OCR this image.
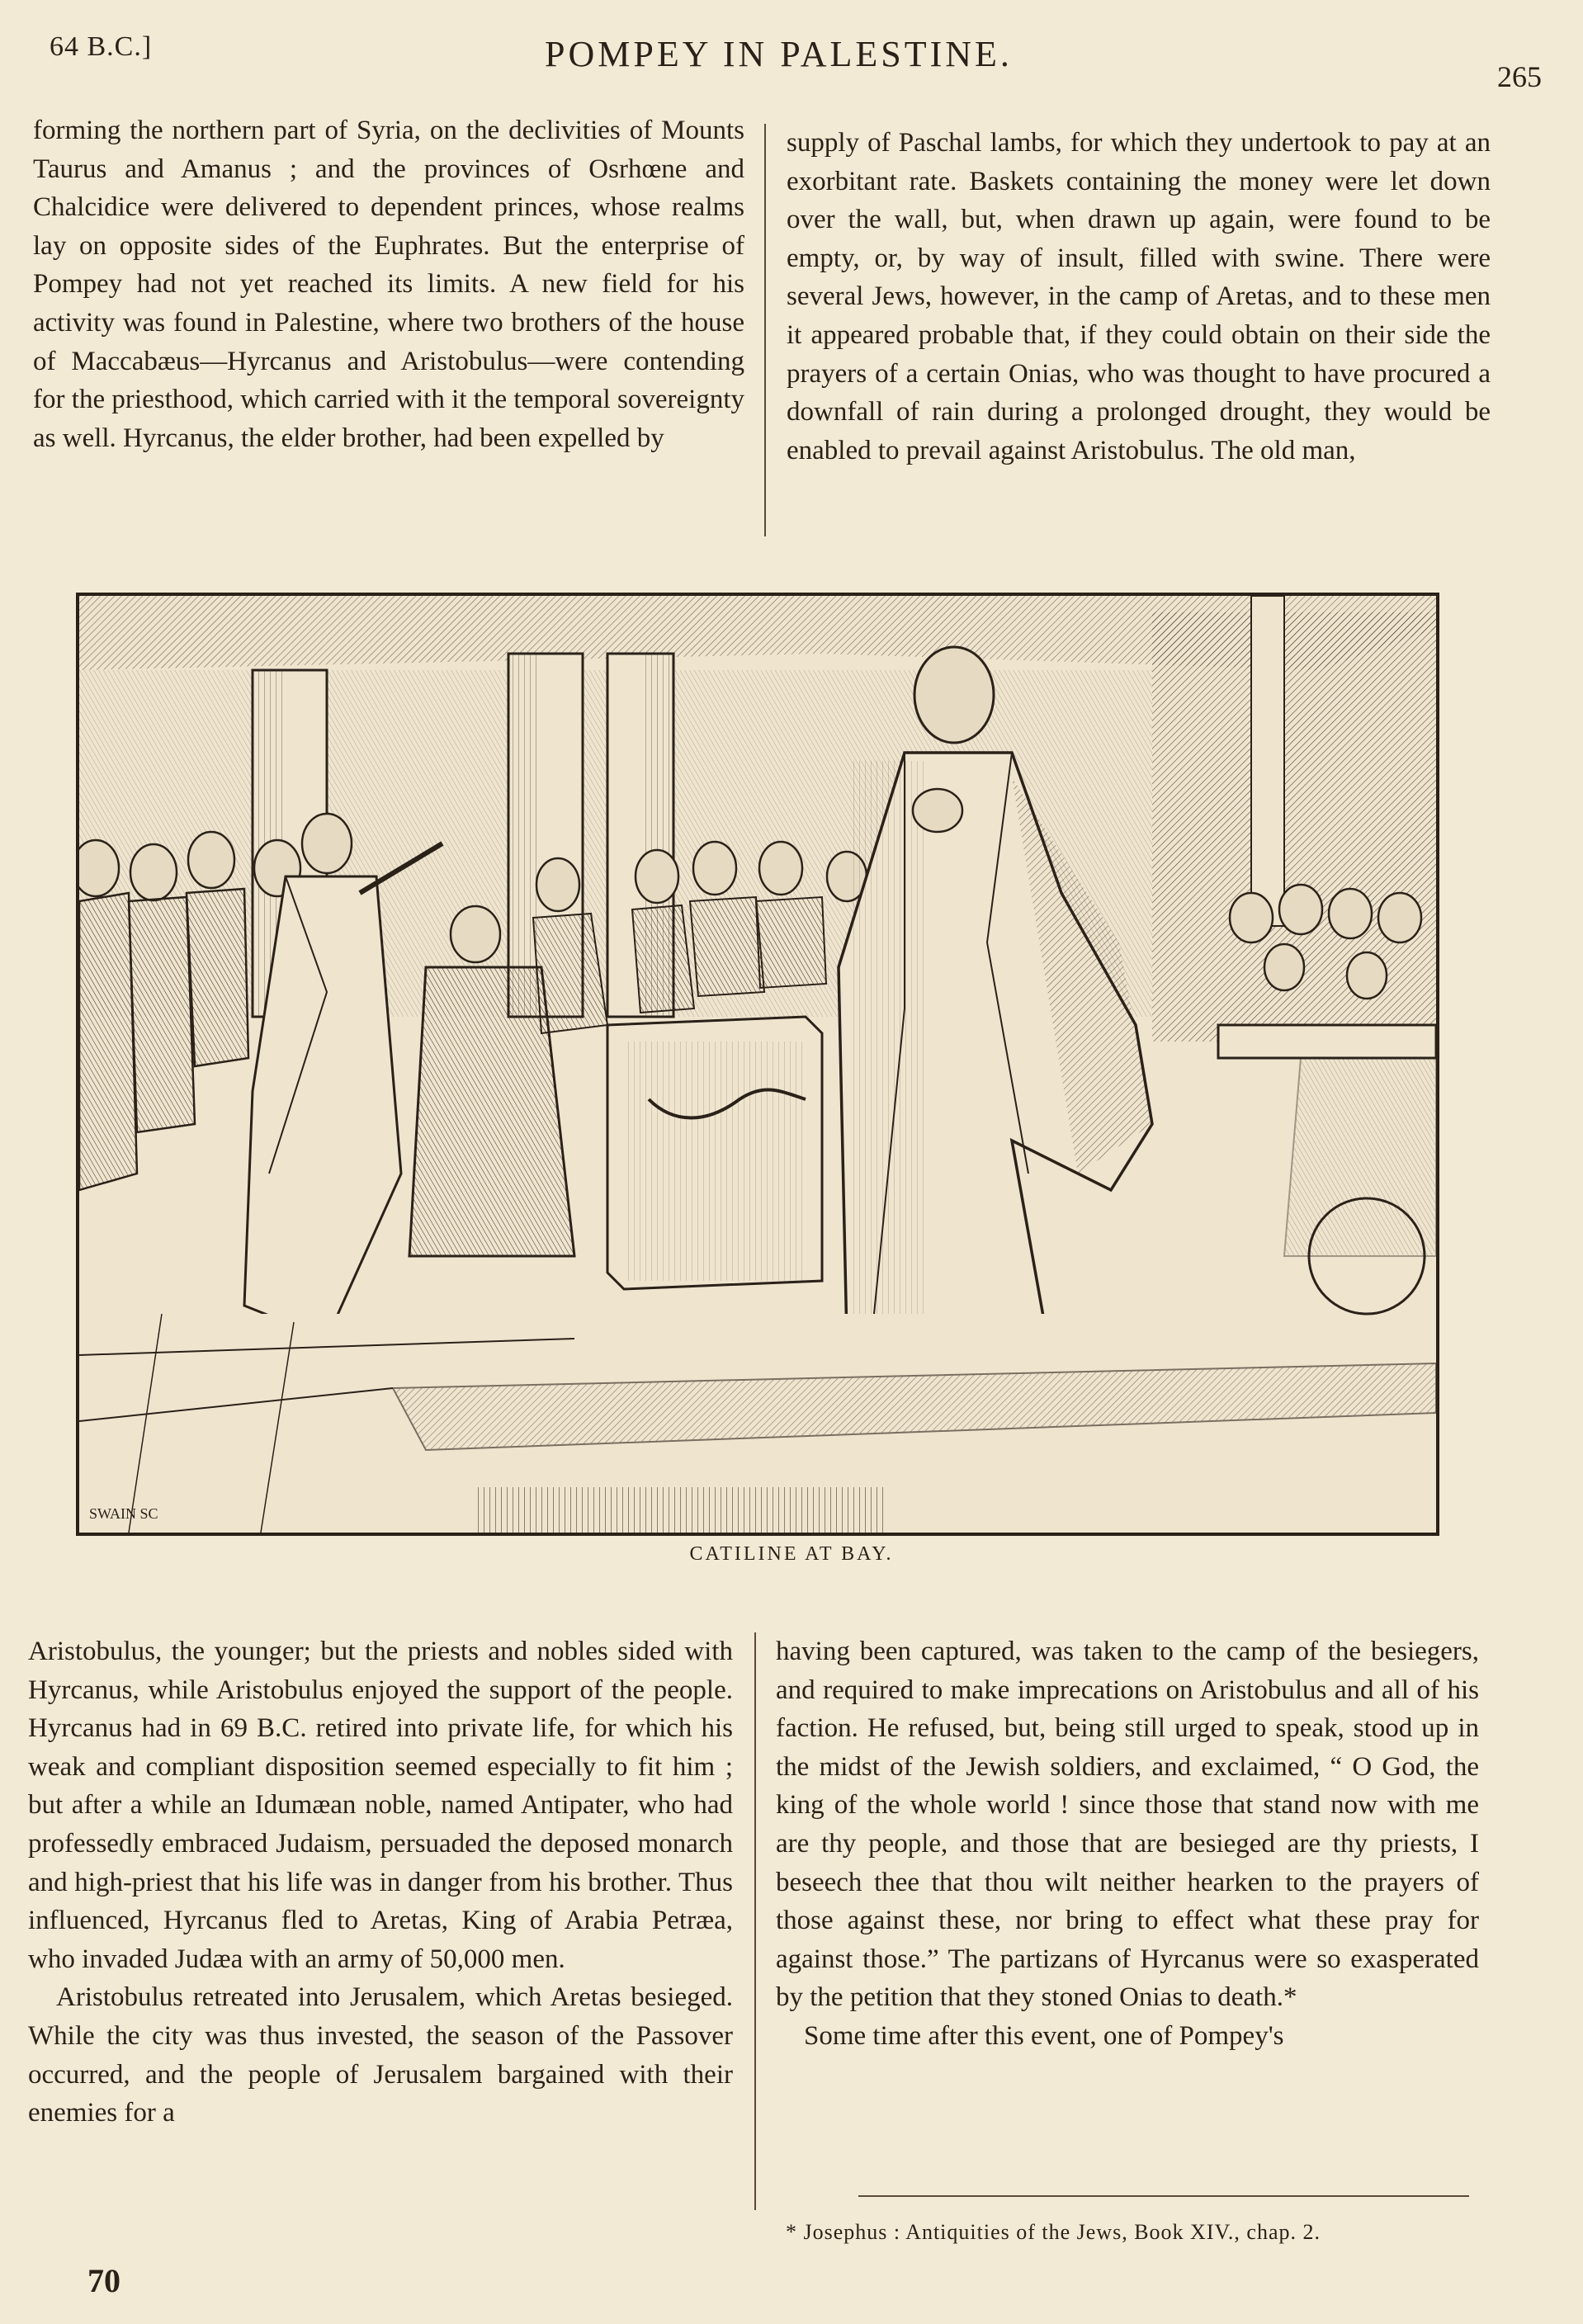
64 B.C.]	POMPEY IN PALESTINE.
265

forming the northern part of Syria, on the declivities of Mounts Taurus and Amanus ; and the provinces of Osrhœne and Chalcidice were delivered to dependent princes, whose realms lay on opposite sides of the Euphrates. But the enterprise of Pompey had not yet reached its limits. A new field for his activity was found in Palestine, where two brothers of the house of Maccabæus—Hyrcanus and Aristobulus—were contending for the priesthood, which carried with it the temporal sovereignty as well. Hyrcanus, the elder brother, had been expelled by

supply of Paschal lambs, for which they undertook to pay at an exorbitant rate. Baskets containing the money were let down over the wall, but, when drawn up again, were found to be empty, or, by way of insult, filled with swine. There were several Jews, however, in the camp of Aretas, and to these men it appeared probable that, if they could obtain on their side the prayers of a certain Onias, who was thought to have procured a downfall of rain during a prolonged drought, they would be enabled to prevail against Aristobulus. The old man,

SWAIN SC
CATILINE AT BAY.

Aristobulus, the younger; but the priests and nobles sided with Hyrcanus, while Aristobulus enjoyed the support of the people. Hyrcanus had in 69 B.C. retired into private life, for which his weak and compliant disposition seemed especially to fit him ; but after a while an Idumæan noble, named Antipater, who had professedly embraced Judaism, persuaded the deposed monarch and high-priest that his life was in danger from his brother. Thus influenced, Hyrcanus fled to Aretas, King of Arabia Petræa, who invaded Judæa with an army of 50,000 men.

Aristobulus retreated into Jerusalem, which Aretas besieged. While the city was thus invested, the season of the Passover occurred, and the people of Jerusalem bargained with their enemies for a

having been captured, was taken to the camp of the besiegers, and required to make imprecations on Aristobulus and all of his faction. He refused, but, being still urged to speak, stood up in the midst of the Jewish soldiers, and exclaimed, “ O God, the king of the whole world ! since those that stand now with me are thy people, and those that are besieged are thy priests, I beseech thee that thou wilt neither hearken to the prayers of those against these, nor bring to effect what these pray for against those.” The partizans of Hyrcanus were so exasperated by the petition that they stoned Onias to death.*

Some time after this event, one of Pompey's

* Josephus : Antiquities of the Jews, Book XIV., chap. 2.
70
